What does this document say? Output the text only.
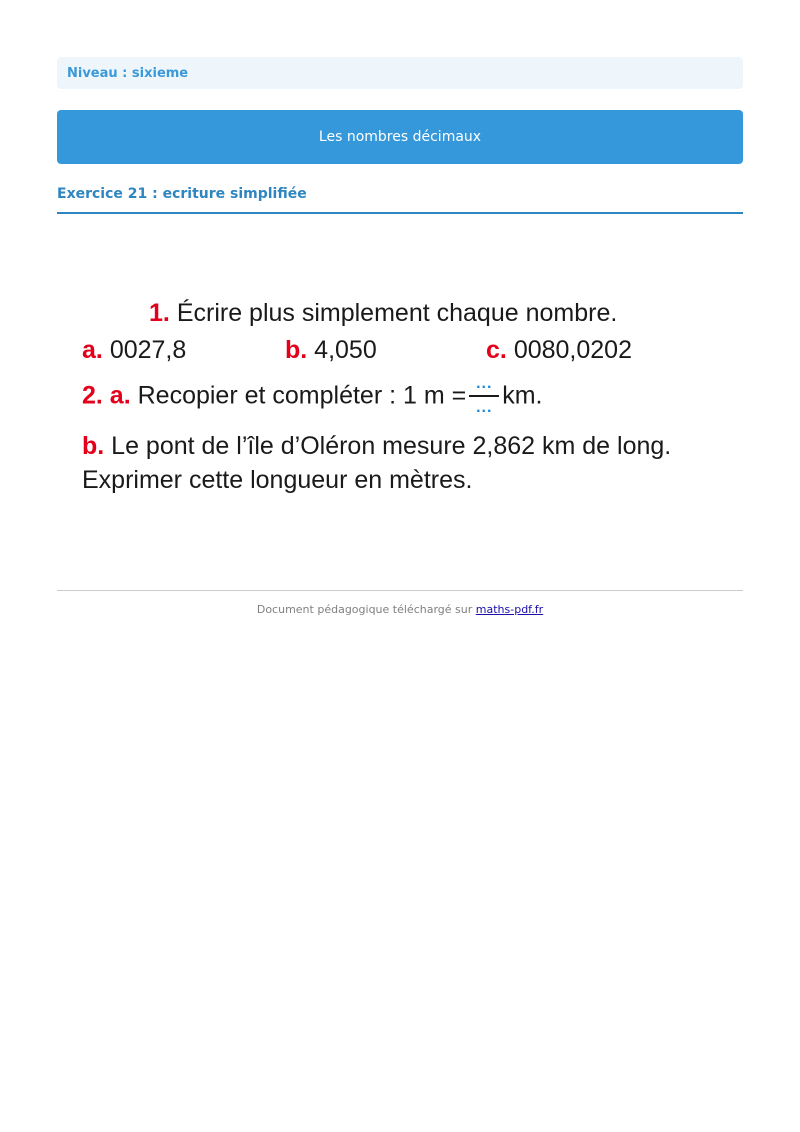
Niveau : sixieme
Les nombres décimaux
Exercice 21 : ecriture simplifiée
1. Écrire plus simplement chaque nombre.
a. 0027,8	b. 4,050	c. 0080,0202
2. a. Recopier et compléter : 1 $m = \frac{...}{...}$ km.
b. Le pont de l’île d’Oléron mesure 2,862 km de long.
Exprimer cette longueur en mètres.
Document pédagogique téléchargé sur maths-pdf.fr
